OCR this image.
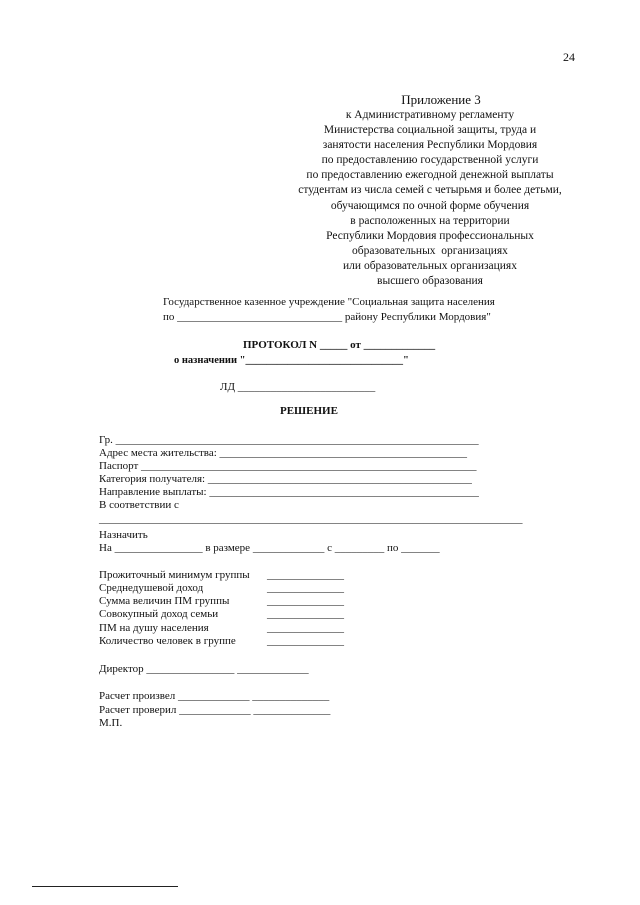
24
Приложение 3
к Административному регламенту
Министерства социальной защиты, труда и
занятости населения Республики Мордовия
по предоставлению государственной услуги
по предоставлению ежегодной денежной выплаты
студентам из числа семей с четырьмя и более детьми,
обучающимся по очной форме обучения
в расположенных на территории
Республики Мордовия профессиональных
образовательных  организациях
или образовательных организациях
высшего образования
Государственное казенное учреждение "Социальная защита населения
по ______________________________ району Республики Мордовия"
ПРОТОКОЛ N _____ от _____________
о назначении "______________________________"
ЛД _________________________
РЕШЕНИЕ
Гр. __________________________________________________________________
Адрес места жительства: _____________________________________________
Паспорт _____________________________________________________________
Категория получателя: ________________________________________________
Направление выплаты: _________________________________________________
В соответствии с
_____________________________________________________________________________
Назначить
На ________________ в размере _____________ с _________ по _______
Прожиточный минимум группы ______________
Среднедушевой доход	______________
Сумма величин ПМ группы	______________
Совокупный доход семьи	______________
ПМ на душу населения	______________
Количество человек в группе	______________
Директор ________________ _____________
Расчет произвел _____________ ______________
Расчет проверил _____________ ______________
М.П.
